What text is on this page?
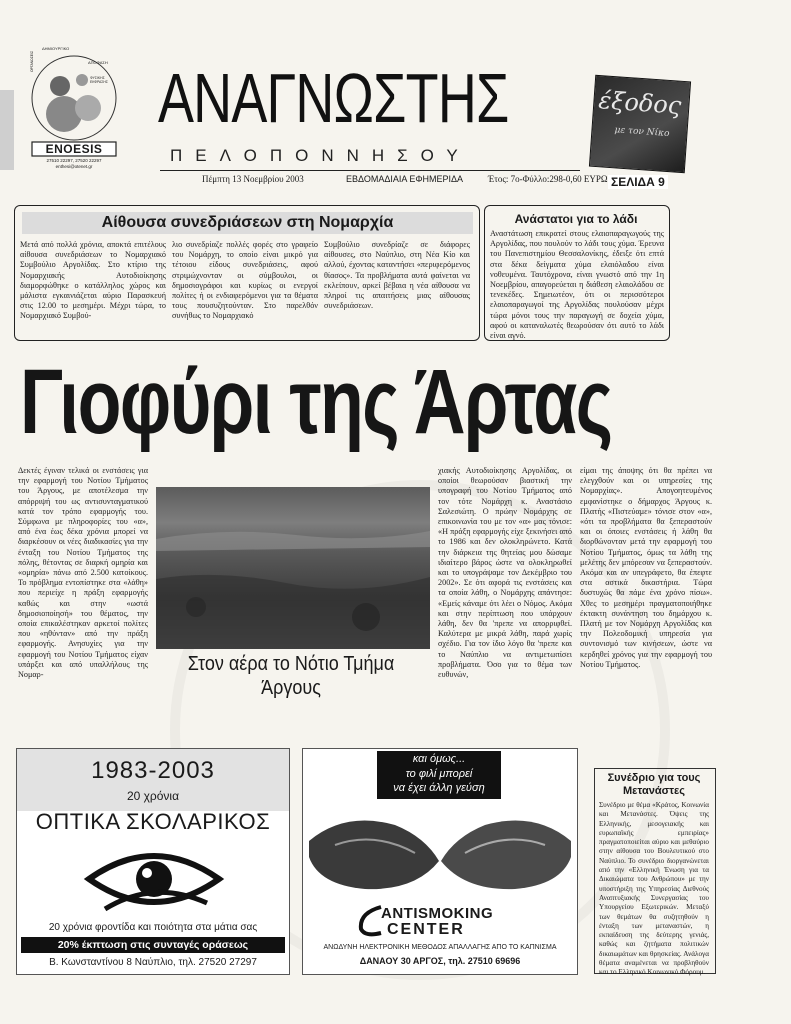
ΔΗΜΙΟΥΡΓΙΚΟ
ΑΠΟΦΑΣΗ
ΦΥΣΙΚΗΣ ΕΚΦΡΑΣΗΣ
ΟΡΓΑΝΩΣΕΙΣ
ENOESIS
27510 22297, 27520 22297
enthesi@otenet.gr
ΑΝΑΓΝΩΣΤΗΣ
ΠΕΛΟΠΟΝΝΗΣΟΥ
Πέμπτη 13 Νοεμβρίου 2003	ΕΒΔΟΜΑΔΙΑΙΑ ΕΦΗΜΕΡΙΔΑ	Έτος: 7ο-Φύλλο:298-0,60 ΕΥΡΩ
έξοδος
με τον Νίκο
ΣΕΛΙΔΑ 9
Αίθουσα συνεδριάσεων στη Νομαρχία
Μετά από πολλά χρόνια, αποκτά επιτέλους αίθουσα συνεδριάσεων το Νομαρχιακό Συμβούλιο Αργολίδας. Στο κτίριο της Νομαρχιακής Αυτοδιοίκησης διαμορφώθηκε ο κατάλληλος χώρος και μάλιστα εγκαινιάζεται αύριο Παρασκευή στις 12.00 το μεσημέρι. Μέχρι τώρα, το Νομαρχιακό Συμβού-
λιο συνεδρίαζε πολλές φορές στο γραφείο του Νομάρχη, το οποίο είναι μικρό για τέτοιου είδους συνεδριάσεις, αφού στριμώχνονταν οι σύμβουλοι, οι δημοσιογράφοι και κυρίως οι ενεργοί πολίτες ή οι ενδιαφερόμενοι για τα θέματα τους πουσυζητούνταν. Στο παρελθόν συνήθως το Νομαρχιακό
Συμβούλιο συνεδρίαζε σε διάφορες αίθουσες, στο Ναύπλιο, στη Νέα Κίο και αλλού, έχοντας καταντήσει «περιφερόμενος θίασος». Τα προβλήματα αυτά φαίνεται να εκλείπουν, αρκεί βέβαια η νέα αίθουσα να πληροί τις απαιτήσεις μιας αίθουσας συνεδριάσεων.
Ανάστατοι για το λάδι
Αναστάτωση επικρατεί στους ελαιοπαραγωγούς της Αργολίδας, που πουλούν το λάδι τους χύμα. Έρευνα του Πανεπιστημίου Θεσσαλονίκης, έδειξε ότι επτά στα δέκα δείγματα χύμα ελαιόλαδου είναι νοθευμένα. Ταυτόχρονα, είναι γνωστό από την 1η Νοεμβρίου, απαγορεύεται η διάθεση ελαιολάδου σε τενεκέδες. Σημειωτέον, ότι οι περισσότεροι ελαιοπαραγωγοί της Αργολίδας πουλούσαν μέχρι τώρα μόνοι τους την παραγωγή σε δοχεία χύμα, αφού οι καταναλωτές θεωρούσαν ότι αυτό το λάδι είναι αγνό.
Γιοφύρι της Άρτας
Δεκτές έγιναν τελικά οι ενστάσεις για την εφαρμογή του Νοτίου Τμήματος του Άργους, με αποτέλεσμα την απόρριψή του ως αντισυνταγματικού κατά τον τρόπο εφαρμογής του. Σύμφωνα με πληροφορίες του «α», από ένα έως δέκα χρόνια μπορεί να διαρκέσουν οι νέες διαδικασίες για την ένταξη του Νοτίου Τμήματος της πόλης, θέτοντας σε διαρκή ομηρία και «ομηρία» πάνω από 2.500 κατοίκους. Το πρόβλημα εντοπίστηκε στα «λάθη» που περιείχε η πράξη εφαρμογής καθώς και στην «ωστά δημοσιοποίησή» του θέματος, την οποία επικαλέστηκαν αρκετοί πολίτες που «ηθύνταν» από την πράξη εφαρμογής. Ανησυχίες για την εφαρμογή του Νοτίου Τμήματος είχαν υπάρξει και από υπαλλήλους της Νομαρ-	Στον αέρα το Νότιο Τμήμα Άργους
χιακής Αυτοδιοίκησης Αργολίδας, οι οποίοι θεωρούσαν βιαστική την υπογραφή του Νοτίου Τμήματος από τον τότε Νομάρχη κ. Αναστάσιο Σαλεσιώτη. Ο πρώην Νομάρχης σε επικοινωνία του με τον «α» μας τόνισε: «Η πράξη εφαρμογής είχε ξεκινήσει από το 1986 και δεν ολοκληρώνετο. Κατά την διάρκεια της θητείας μου δώσαμε ιδιαίτερο βάρος ώστε να ολοκληρωθεί και το υπογράψαμε τον Δεκέμβριο του 2002». Σε ότι αφορά τις ενστάσεις και τα οποία λάθη, ο Νομάρχης απάντησε: «Εμείς κάναμε ότι λέει ο Νόμος. Ακόμα και στην περίπτωση που υπάρχουν λάθη, δεν θα 'πρεπε να απορριφθεί. Καλύτερα με μικρά λάθη, παρά χωρίς σχέδιο. Για τον ίδιο λόγο θα 'πρεπε και το Ναύπλιο να αντιμετωπίσει προβλήματα. Όσο για το θέμα των ευθυνών,
είμαι της άποψης ότι θα πρέπει να ελεγχθούν και οι υπηρεσίες της Νομαρχίας». Απογοητευμένος εμφανίστηκε ο δήμαρχος Άργους κ. Πλατής «Πιστεύαμε» τόνισε στον «α», «ότι τα προβλήματα θα ξεπεραστούν και οι όποιες ενστάσεις ή λάθη θα διορθώνονταν μετά την εφαρμογή του Νοτίου Τμήματος, όμως τα λάθη της μελέτης δεν μπόρεσαν να ξεπεραστούν. Ακόμα και αν υπεγράφετο, θα έπεφτε στα αστικά δικαστήρια. Τώρα δυστυχώς θα πάμε ένα χρόνο πίσω». Χθες το μεσημέρι πραγματοποιήθηκε έκτακτη συνάντηση του δημάρχου κ. Πλατή με τον Νομάρχη Αργολίδας και την Πολεοδομική υπηρεσία για συντονισμό των κινήσεων, ώστε να κερδηθεί χρόνος για την εφαρμογή του Νοτίου Τμήματος.
1983-2003
20 χρόνια
ΟΠΤΙΚΑ ΣΚΟΛΑΡΙΚΟΣ
20 χρόνια φροντίδα και ποιότητα στα μάτια σας
20% έκπτωση στις συνταγές οράσεως
Β. Κωνσταντίνου 8 Ναύπλιο, τηλ. 27520 27297
και όμως...
το φιλί μπορεί
να έχει άλλη γεύση
ANTISMOKING
CENTER
ΑΝΩΔΥΝΗ ΗΛΕΚΤΡΟΝΙΚΗ ΜΕΘΟΔΟΣ ΑΠΑΛΛΑΓΗΣ ΑΠΟ ΤΟ ΚΑΠΝΙΣΜΑ
ΔΑΝΑΟΥ 30 ΑΡΓΟΣ, τηλ. 27510 69696
Συνέδριο για τους Μετανάστες
Συνέδριο με θέμα «Κράτος, Κοινωνία και Μετανάστες. Όψεις της Ελληνικής, μεσογειακής και ευρωπαϊκής εμπειρίας» πραγματοποιείται αύριο και μεθαύριο στην αίθουσα του Βουλευτικού στο Ναύπλιο. Το συνέδριο διοργανώνεται από την «Ελληνική Ένωση για τα Δικαιώματα του Ανθρώπου» με την υποστήριξη της Υπηρεσίας Διεθνούς Αναπτυξιακής Συνεργασίας του Υπουργείου Εξωτερικών. Μεταξύ των θεμάτων θα συζητηθούν η ένταξη των μεταναστών, η εκπαίδευση της δεύτερης γενιάς, καθώς και ζητήματα πολιτικών δικαιωμάτων και θρησκείας. Ανάλογα θέματα αναμένεται να προβληθούν και το Ελληνικό Κοινωνικό Φόρουμ.
